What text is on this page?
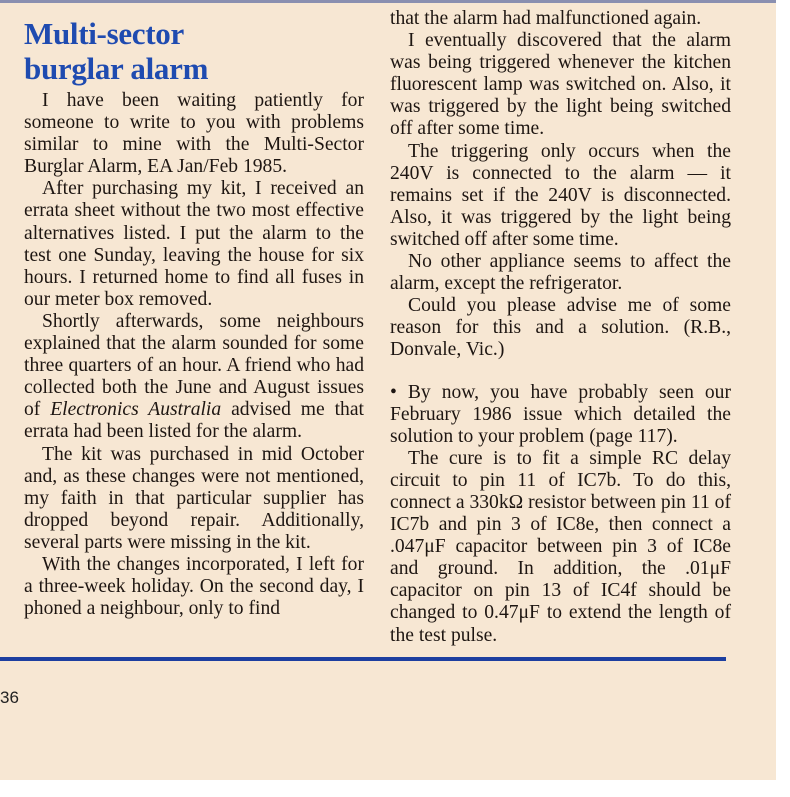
Multi-sector
burglar alarm

I have been waiting patiently for someone to write to you with problems similar to mine with the Multi-Sector Burglar Alarm, EA Jan/Feb 1985.

After purchasing my kit, I received an errata sheet without the two most effective alternatives listed. I put the alarm to the test one Sunday, leaving the house for six hours. I returned home to find all fuses in our meter box removed.

Shortly afterwards, some neighbours explained that the alarm sounded for some three quarters of an hour. A friend who had collected both the June and August issues of Electronics Australia advised me that errata had been listed for the alarm.

The kit was purchased in mid October and, as these changes were not mentioned, my faith in that particular supplier has dropped beyond repair. Additionally, several parts were missing in the kit.

With the changes incorporated, I left for a three-week holiday. On the second day, I phoned a neighbour, only to find

that the alarm had malfunctioned again.

I eventually discovered that the alarm was being triggered whenever the kitchen fluorescent lamp was switched on. Also, it was triggered by the light being switched off after some time.

The triggering only occurs when the 240V is connected to the alarm — it remains set if the 240V is disconnected. Also, it was triggered by the light being switched off after some time.

No other appliance seems to affect the alarm, except the refrigerator.

Could you please advise me of some reason for this and a solution. (R.B., Donvale, Vic.)

• By now, you have probably seen our February 1986 issue which detailed the solution to your problem (page 117).

The cure is to fit a simple RC delay circuit to pin 11 of IC7b. To do this, connect a 330kΩ resistor between pin 11 of IC7b and pin 3 of IC8e, then connect a .047μF capacitor between pin 3 of IC8e and ground. In addition, the .01μF capacitor on pin 13 of IC4f should be changed to 0.47μF to extend the length of the test pulse.

36
